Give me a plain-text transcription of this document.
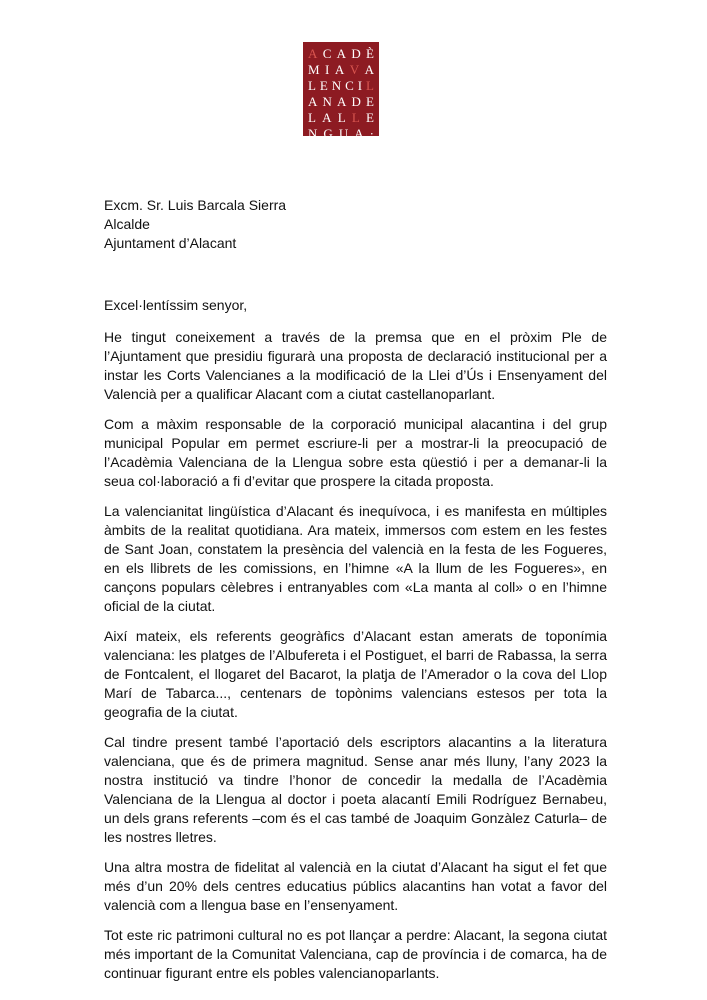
A C A D È
M I A V A
L E N C I L
A N A D E
L A L L E
N G U A ·
Excm. Sr. Luis Barcala Sierra
Alcalde
Ajuntament d’Alacant

Excel·lentíssim senyor,

He tingut coneixement a través de la premsa que en el pròxim Ple de l’Ajuntament que presidiu figurarà una proposta de declaració institucional per a instar les Corts Valencianes a la modificació de la Llei d’Ús i Ensenyament del Valencià per a qualificar Alacant com a ciutat castellanoparlant.

Com a màxim responsable de la corporació municipal alacantina i del grup municipal Popular em permet escriure-li per a mostrar-li la preocupació de l’Acadèmia Valenciana de la Llengua sobre esta qüestió i per a demanar-li la seua col·laboració a fi d’evitar que prospere la citada proposta.

La valencianitat lingüística d’Alacant és inequívoca, i es manifesta en múltiples àmbits de la realitat quotidiana. Ara mateix, immersos com estem en les festes de Sant Joan, constatem la presència del valencià en la festa de les Fogueres, en els llibrets de les comissions, en l’himne «A la llum de les Fogueres», en cançons populars cèlebres i entranyables com «La manta al coll» o en l’himne oficial de la ciutat.

Així mateix, els referents geogràfics d’Alacant estan amerats de toponímia valenciana: les platges de l’Albufereta i el Postiguet, el barri de Rabassa, la serra de Fontcalent, el llogaret del Bacarot, la platja de l’Amerador o la cova del Llop Marí de Tabarca..., centenars de topònims valencians estesos per tota la geografia de la ciutat.

Cal tindre present també l’aportació dels escriptors alacantins a la literatura valenciana, que és de primera magnitud. Sense anar més lluny, l’any 2023 la nostra institució va tindre l’honor de concedir la medalla de l’Acadèmia Valenciana de la Llengua al doctor i poeta alacantí Emili Rodríguez Bernabeu, un dels grans referents –com és el cas també de Joaquim Gonzàlez Caturla– de les nostres lletres.

Una altra mostra de fidelitat al valencià en la ciutat d’Alacant ha sigut el fet que més d’un 20% dels centres educatius públics alacantins han votat a favor del valencià com a llengua base en l’ensenyament.

Tot este ric patrimoni cultural no es pot llançar a perdre: Alacant, la segona ciutat més important de la Comunitat Valenciana, cap de província i de comarca, ha de continuar figurant entre els pobles valencianoparlants.
